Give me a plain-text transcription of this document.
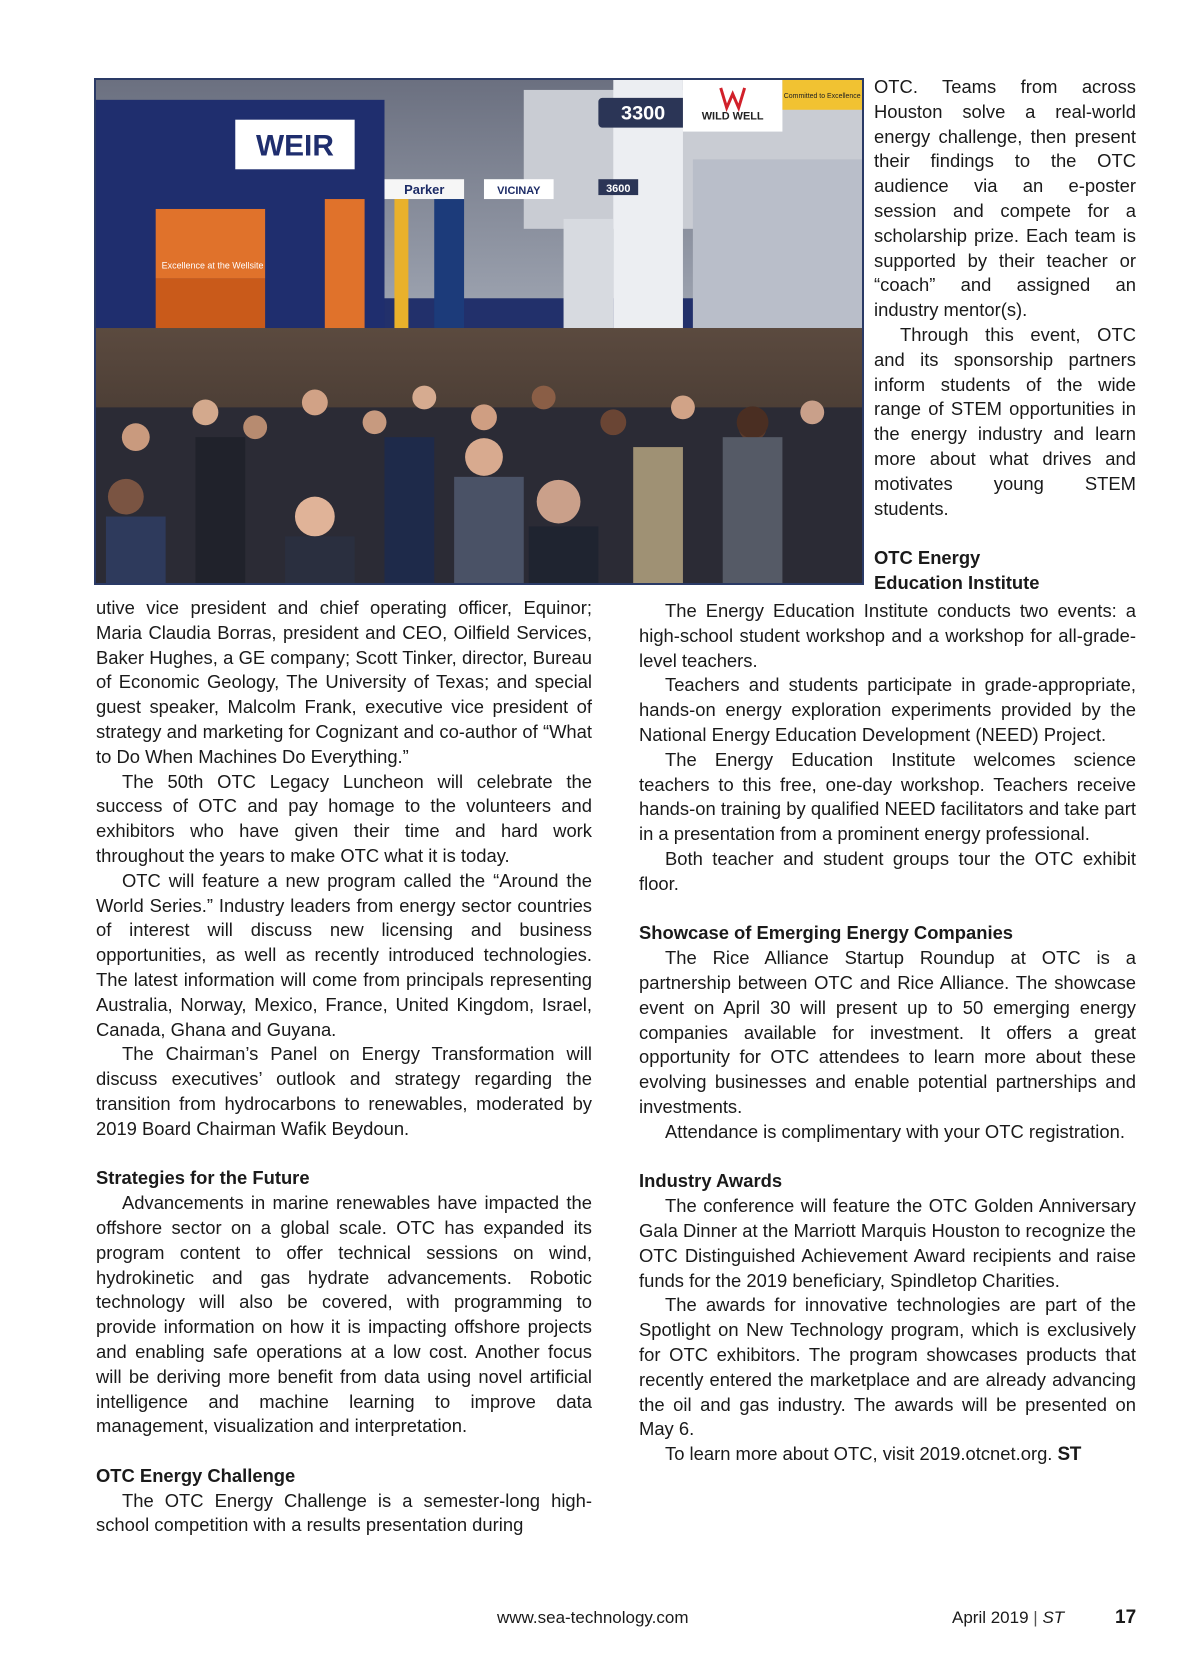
WEIR
Excellence at the Wellsite
3300
3600
WILD WELL
Committed to Excellence
Parker	VICINAY

OTC. Teams from across Houston solve a real-world energy challenge, then present their findings to the OTC audience via an e-poster session and compete for a scholarship prize. Each team is supported by their teacher or “coach” and assigned an industry mentor(s).

Through this event, OTC and its sponsorship partners inform students of the wide range of STEM opportunities in the energy industry and learn more about what drives and motivates young STEM students.

OTC Energy Education Institute

utive vice president and chief operating officer, Equinor; Maria Claudia Borras, president and CEO, Oilfield Services, Baker Hughes, a GE company; Scott Tinker, director, Bureau of Economic Geology, The University of Texas; and special guest speaker, Malcolm Frank, executive vice president of strategy and marketing for Cognizant and co-author of “What to Do When Machines Do Everything.”

The 50th OTC Legacy Luncheon will celebrate the success of OTC and pay homage to the volunteers and exhibitors who have given their time and hard work throughout the years to make OTC what it is today.

OTC will feature a new program called the “Around the World Series.” Industry leaders from energy sector countries of interest will discuss new licensing and business opportunities, as well as recently introduced technologies. The latest information will come from principals representing Australia, Norway, Mexico, France, United Kingdom, Israel, Canada, Ghana and Guyana.

The Chairman’s Panel on Energy Transformation will discuss executives’ outlook and strategy regarding the transition from hydrocarbons to renewables, moderated by 2019 Board Chairman Wafik Beydoun.

Strategies for the Future

Advancements in marine renewables have impacted the offshore sector on a global scale. OTC has expanded its program content to offer technical sessions on wind, hydrokinetic and gas hydrate advancements. Robotic technology will also be covered, with programming to provide information on how it is impacting offshore projects and enabling safe operations at a low cost. Another focus will be deriving more benefit from data using novel artificial intelligence and machine learning to improve data management, visualization and interpretation.

OTC Energy Challenge

The OTC Energy Challenge is a semester-long high-school competition with a results presentation during

The Energy Education Institute conducts two events: a high-school student workshop and a workshop for all-grade-level teachers.

Teachers and students participate in grade-appropriate, hands-on energy exploration experiments provided by the National Energy Education Development (NEED) Project.

The Energy Education Institute welcomes science teachers to this free, one-day workshop. Teachers receive hands-on training by qualified NEED facilitators and take part in a presentation from a prominent energy professional.

Both teacher and student groups tour the OTC exhibit floor.

Showcase of Emerging Energy Companies

The Rice Alliance Startup Roundup at OTC is a partnership between OTC and Rice Alliance. The showcase event on April 30 will present up to 50 emerging energy companies available for investment. It offers a great opportunity for OTC attendees to learn more about these evolving businesses and enable potential partnerships and investments.

Attendance is complimentary with your OTC registration.

Industry Awards

The conference will feature the OTC Golden Anniversary Gala Dinner at the Marriott Marquis Houston to recognize the OTC Distinguished Achievement Award recipients and raise funds for the 2019 beneficiary, Spindletop Charities.

The awards for innovative technologies are part of the Spotlight on New Technology program, which is exclusively for OTC exhibitors. The program showcases products that recently entered the marketplace and are already advancing the oil and gas industry. The awards will be presented on May 6.

To learn more about OTC, visit 2019.otcnet.org. ST

www.sea-technology.com	April 2019 | ST	17
